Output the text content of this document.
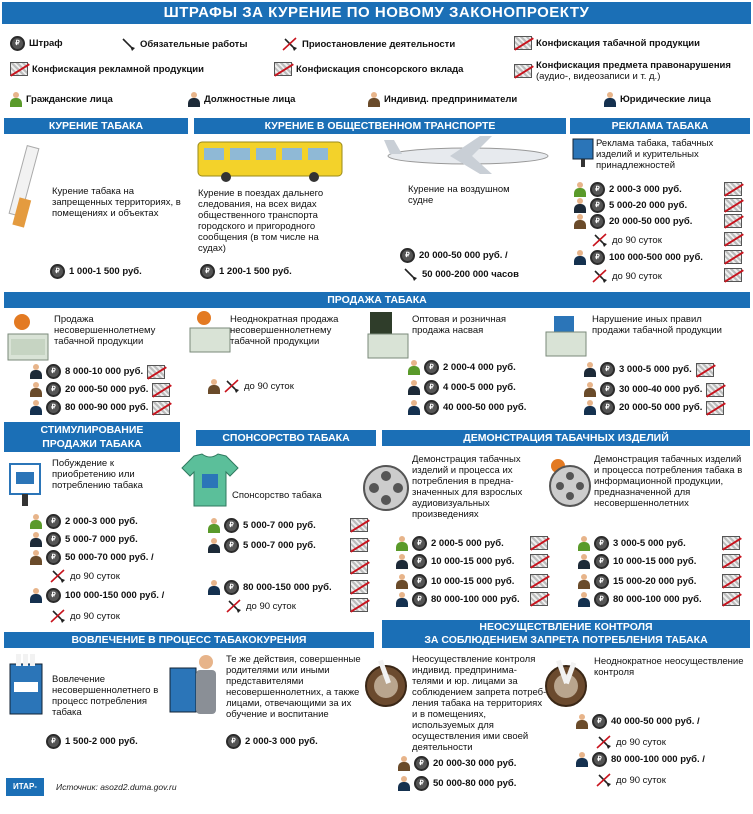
ШТРАФЫ ЗА КУРЕНИЕ ПО НОВОМУ ЗАКОНОПРОЕКТУ
₽ Штраф	Обязательные работы	Приостановление деятельности	Конфискация табачной продукции
Конфискация рекламной продукции	Конфискация спонсорского вклада	Конфискация предмета правонарушения
(аудио-, видеозаписи и т. д.)
Гражданские лица	Должностные лица	Индивид. предприниматели	Юридические лица
КУРЕНИЕ ТАБАКА
Курение табака на запрещенных территориях, в помещениях и объектах
₽ 1 000-1 500 руб.
КУРЕНИЕ В ОБЩЕСТВЕННОМ ТРАНСПОРТЕ
Курение в поездах дальнего следования, на всех видах общественного транспорта городского и пригородного сообщения (в том числе на судах)
₽ 1 200-1 500 руб.
Курение на воздушном судне
₽ 20 000-50 000 руб. /
50 000-200 000 часов
РЕКЛАМА ТАБАКА
Реклама табака, табачных изделий и курительных принадлежностей
₽ 2 000-3 000 руб.
₽ 5 000-20 000 руб.
₽ 20 000-50 000 руб.
до 90 суток
₽ 100 000-500 000 руб.
до 90 суток
ПРОДАЖА ТАБАКА
Продажа несовершеннолетнему табачной продукции
₽ 8 000-10 000 руб.
₽ 20 000-50 000 руб.
₽ 80 000-90 000 руб.
Неоднократная продажа несовершеннолетнему табачной продукции
до 90 суток
Оптовая и розничная продажа насвая
₽ 2 000-4 000 руб.
₽ 4 000-5 000 руб.
₽ 40 000-50 000 руб.
Нарушение иных правил продажи табачной продукции
₽ 3 000-5 000 руб.
₽ 30 000-40 000 руб.
₽ 20 000-50 000 руб.
СТИМУЛИРОВАНИЕ
ПРОДАЖИ ТАБАКА
Побуждение к приобретению или потреблению табака
₽ 2 000-3 000 руб.
₽ 5 000-7 000 руб.
₽ 50 000-70 000 руб. /
до 90 суток
₽ 100 000-150 000 руб. /
до 90 суток
СПОНСОРСТВО ТАБАКА
Спонсорство табака
₽ 5 000-7 000 руб.
₽ 5 000-7 000 руб.
₽ 80 000-150 000 руб.
до 90 суток
ДЕМОНСТРАЦИЯ ТАБАЧНЫХ ИЗДЕЛИЙ
Демонстрация табачных изделий и процесса их потребления в предна-значенных для взрослых аудиовизуальных произведениях
₽ 2 000-5 000 руб.
₽ 10 000-15 000 руб.
₽ 10 000-15 000 руб.
₽ 80 000-100 000 руб.
Демонстрация табачных изделий и процесса потребления табака в информационной продукции, предназначенной для несовершеннолетних
₽ 3 000-5 000 руб.
₽ 10 000-15 000 руб.
₽ 15 000-20 000 руб.
₽ 80 000-100 000 руб.
ВОВЛЕЧЕНИЕ В ПРОЦЕСС ТАБАКОКУРЕНИЯ
Вовлечение несовершеннолетнего в процесс потребления табака
₽ 1 500-2 000 руб.
Те же действия, совершенные родителями или иными представителями несовершеннолетних, а также лицами, отвечающими за их обучение и воспитание
₽ 2 000-3 000 руб.
НЕОСУЩЕСТВЛЕНИЕ КОНТРОЛЯ
ЗА СОБЛЮДЕНИЕМ ЗАПРЕТА ПОТРЕБЛЕНИЯ ТАБАКА
Неосуществление контроля индивид. предпринима-телями и юр. лицами за соблюдением запрета потреб-ления табака на территориях и в помещениях, используемых для осуществления ими своей деятельности
₽ 20 000-30 000 руб.
₽ 50 000-80 000 руб.
Неоднократное неосуществление контроля
₽ 40 000-50 000 руб. /
до 90 суток
₽ 80 000-100 000 руб. /
до 90 суток
ИТАР-ТАСС
Источник: asozd2.duma.gov.ru
